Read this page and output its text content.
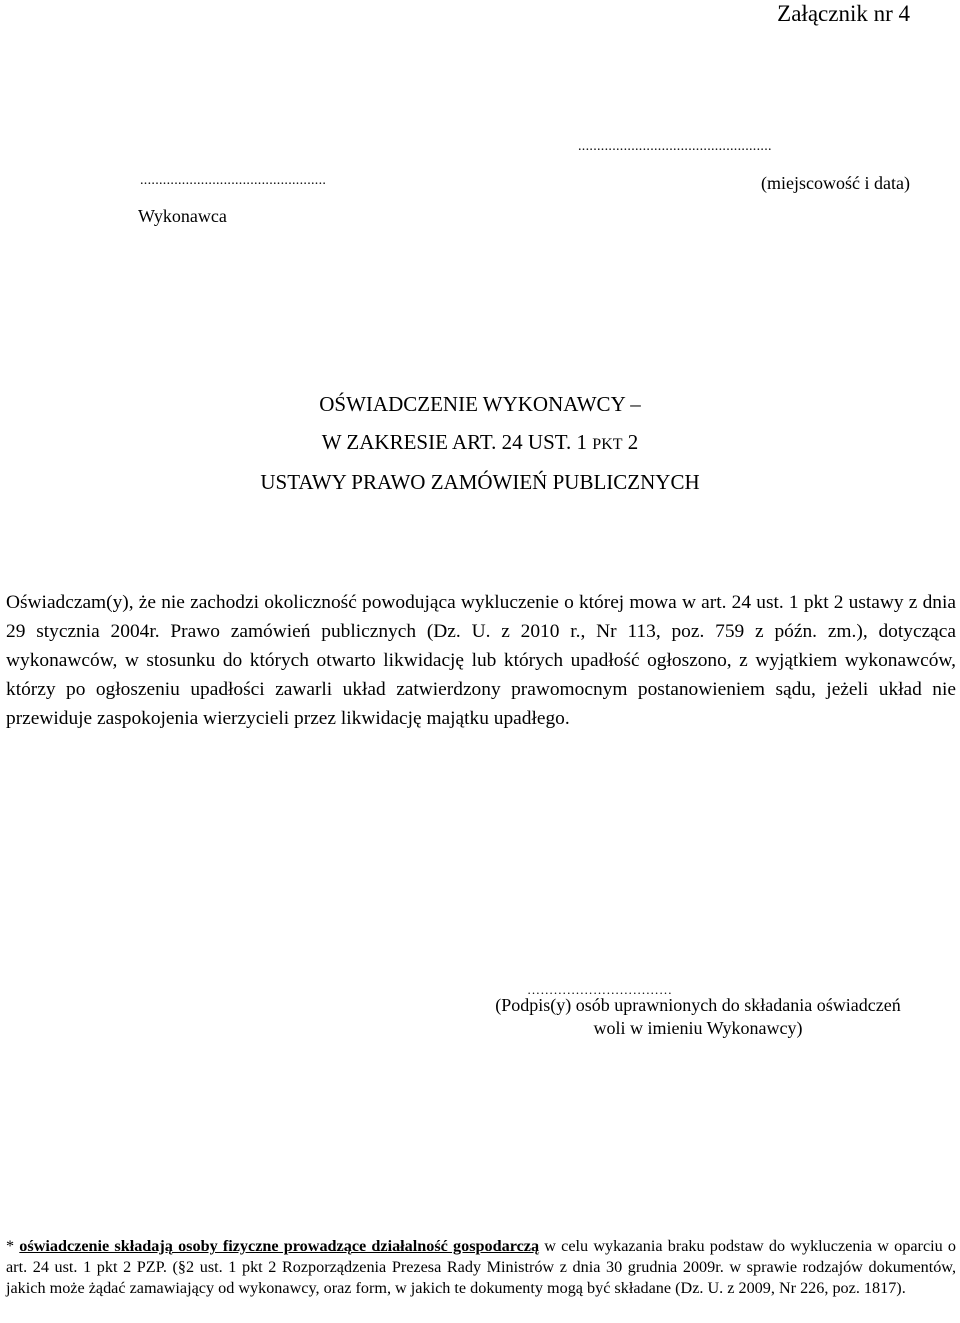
Załącznik nr 4
...................................................
.................................................	(miejscowość i data)
Wykonawca
OŚWIADCZENIE WYKONAWCY –
W ZAKRESIE ART. 24 UST. 1 PKT 2
USTAWY PRAWO ZAMÓWIEŃ PUBLICZNYCH
Oświadczam(y), że nie zachodzi okoliczność powodująca wykluczenie o której mowa w art. 24 ust. 1 pkt 2 ustawy z dnia 29 stycznia 2004r. Prawo zamówień publicznych (Dz. U. z 2010 r., Nr 113, poz. 759 z późn. zm.), dotycząca wykonawców, w stosunku do których otwarto likwidację lub których upadłość ogłoszono, z wyjątkiem wykonawców, którzy po ogłoszeniu upadłości zawarli układ zatwierdzony prawomocnym postanowieniem sądu, jeżeli układ nie przewiduje zaspokojenia wierzycieli przez likwidację majątku upadłego.
……………………………
(Podpis(y) osób uprawnionych do składania oświadczeń
woli w imieniu Wykonawcy)
* oświadczenie składają osoby fizyczne prowadzące działalność gospodarczą w celu wykazania braku podstaw do wykluczenia w oparciu o art. 24 ust. 1 pkt 2 PZP. (§2 ust. 1 pkt 2 Rozporządzenia Prezesa Rady Ministrów z dnia 30 grudnia 2009r. w sprawie rodzajów dokumentów, jakich może żądać zamawiający od wykonawcy, oraz form, w jakich te dokumenty mogą być składane (Dz. U. z 2009, Nr 226, poz. 1817).
